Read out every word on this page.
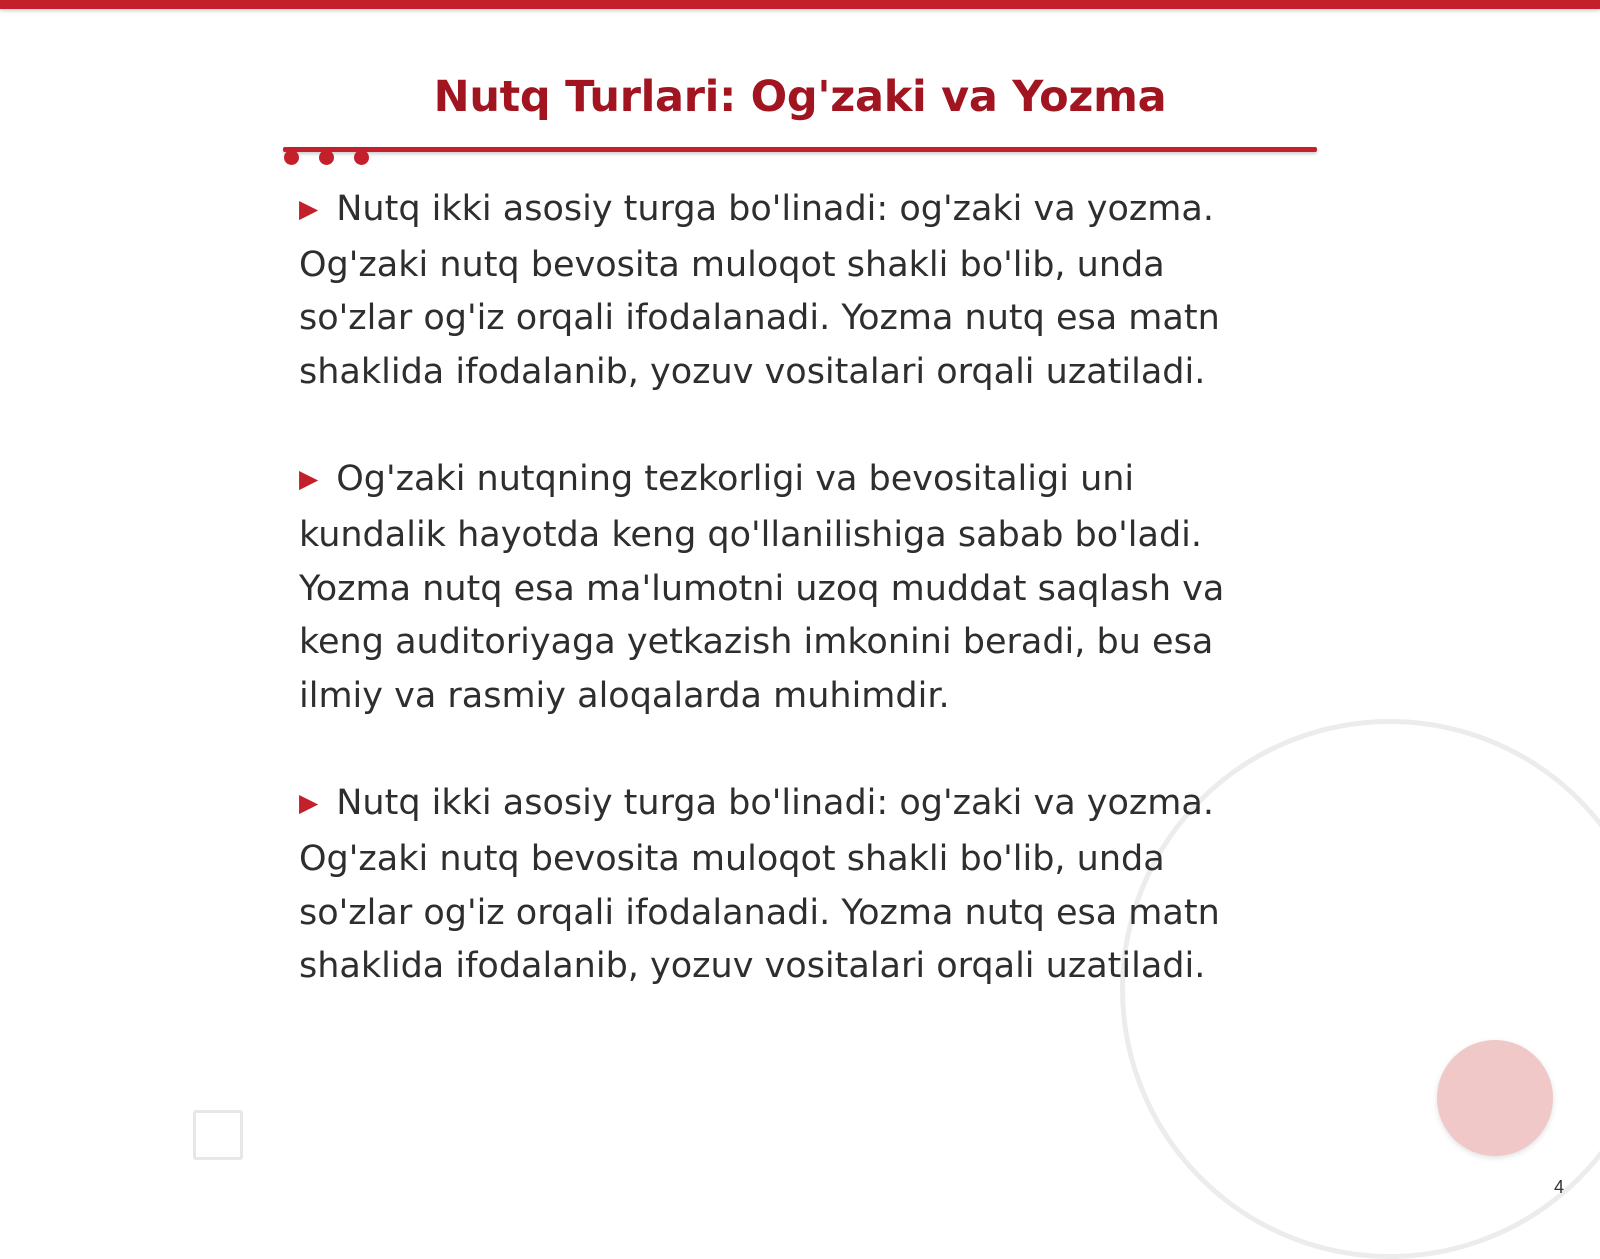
Nutq Turlari: Og'zaki va Yozma

▶ Nutq ikki asosiy turga bo'linadi: og'zaki va yozma. Og'zaki nutq bevosita muloqot shakli bo'lib, unda so'zlar og'iz orqali ifodalanadi. Yozma nutq esa matn shaklida ifodalanib, yozuv vositalari orqali uzatiladi.

▶ Og'zaki nutqning tezkorligi va bevositaligi uni kundalik hayotda keng qo'llanilishiga sabab bo'ladi. Yozma nutq esa ma'lumotni uzoq muddat saqlash va keng auditoriyaga yetkazish imkonini beradi, bu esa ilmiy va rasmiy aloqalarda muhimdir.

▶ Nutq ikki asosiy turga bo'linadi: og'zaki va yozma. Og'zaki nutq bevosita muloqot shakli bo'lib, unda so'zlar og'iz orqali ifodalanadi. Yozma nutq esa matn shaklida ifodalanib, yozuv vositalari orqali uzatiladi.

4
